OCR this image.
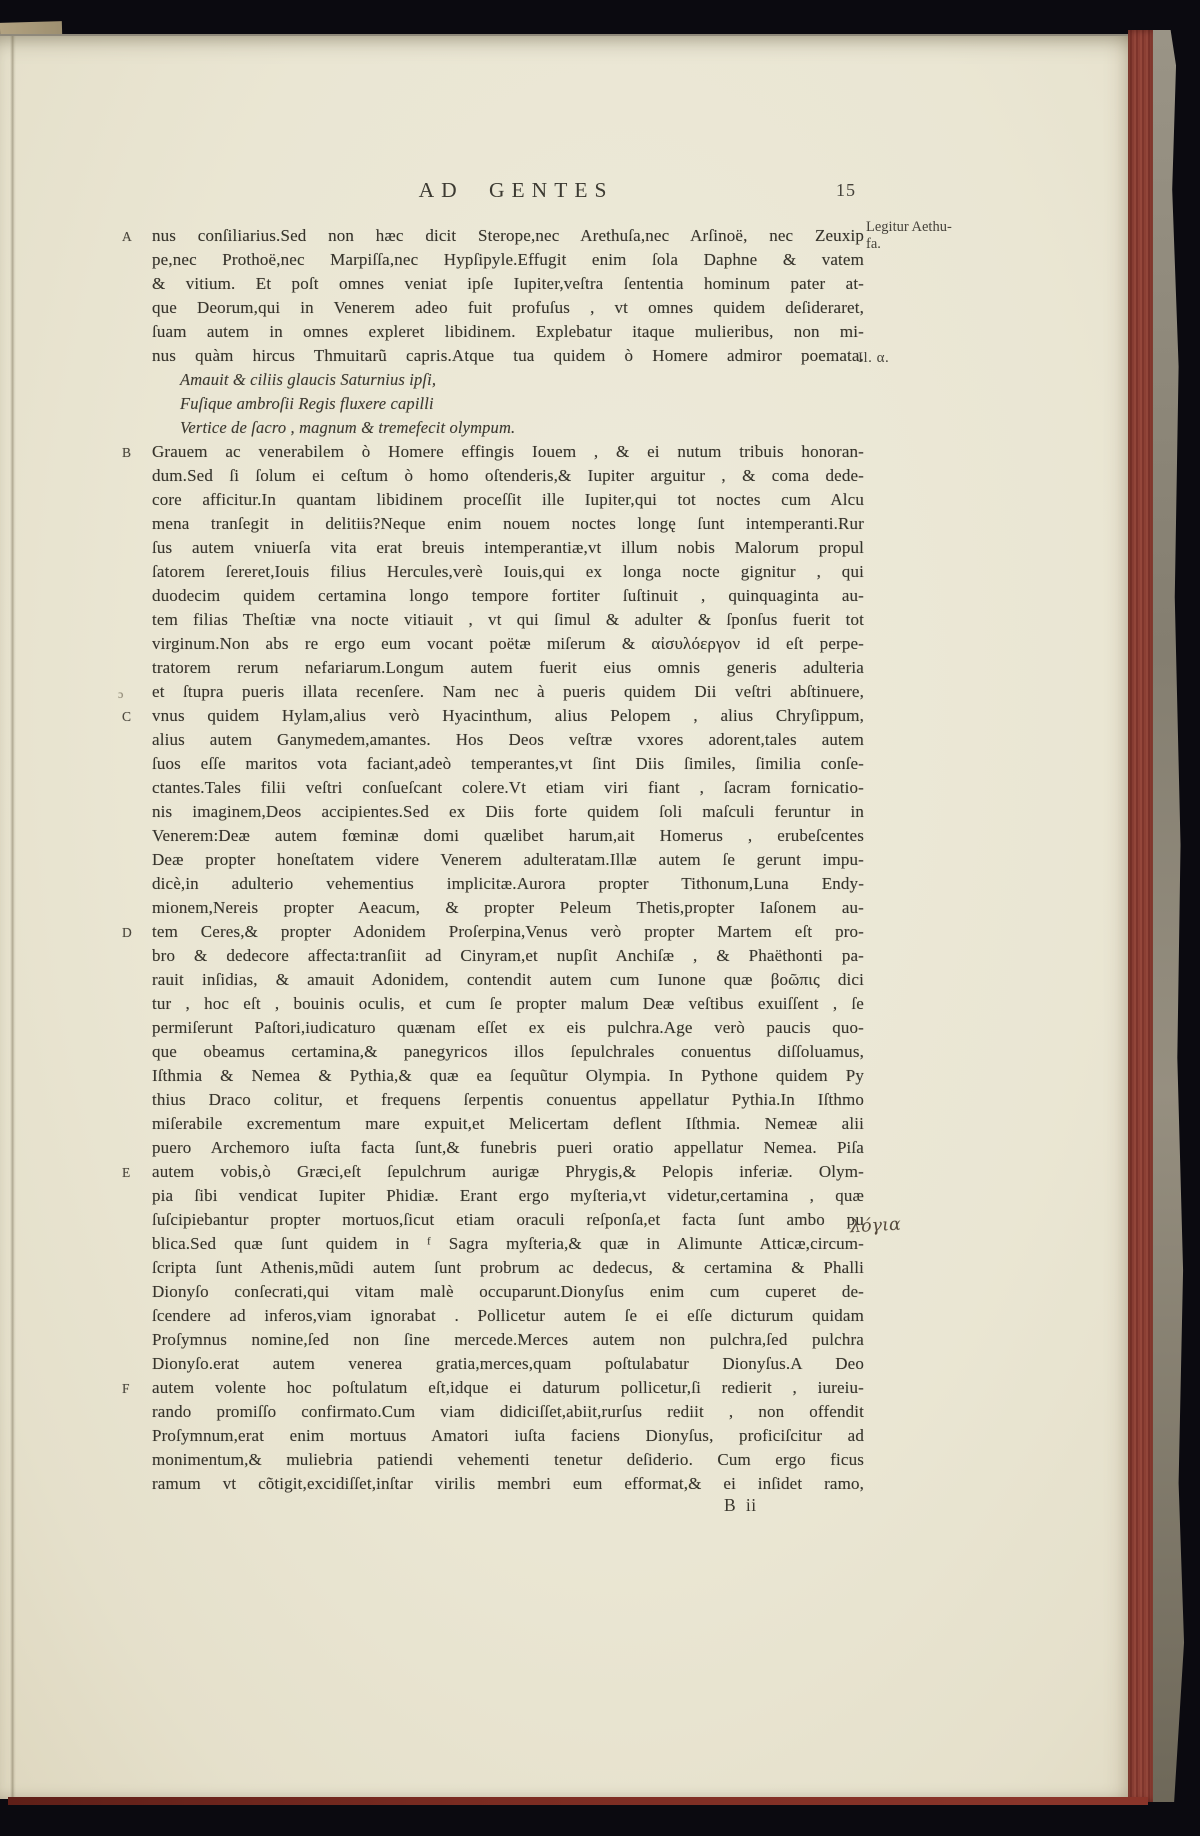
AD GENTES	15
A	nus conſiliarius.Sed non hæc dicit Sterope,nec Arethuſa,nec Arſinoë, nec Zeuxip
pe,nec Prothoë,nec Marpiſſa,nec Hypſipyle.Effugit enim ſola Daphne & vatem
& vitium. Et poſt omnes veniat ipſe Iupiter,veſtra ſententia hominum pater at-
que Deorum,qui in Venerem adeo fuit profuſus , vt omnes quidem deſideraret,
ſuam autem in omnes expleret libidinem. Explebatur itaque mulieribus, non mi-
nus quàm hircus Thmuitarũ capris.Atque tua quidem ò Homere admiror poemata.
Amauit & ciliis glaucis Saturnius ipſi,
Fuſique ambroſii Regis fluxere capilli
Vertice de ſacro , magnum & tremefecit olympum.
B	Grauem ac venerabilem ò Homere effingis Iouem , & ei nutum tribuis honoran-
dum.Sed ſi ſolum ei ceſtum ò homo oſtenderis,& Iupiter arguitur , & coma dede-
core afficitur.In quantam libidinem proceſſit ille Iupiter,qui tot noctes cum Alcu
mena tranſegit in delitiis?Neque enim nouem noctes longę ſunt intemperanti.Rur
ſus autem vniuerſa vita erat breuis intemperantiæ,vt illum nobis Malorum propul
ſatorem ſereret,Iouis filius Hercules,verè Iouis,qui ex longa nocte gignitur , qui
duodecim quidem certamina longo tempore fortiter ſuſtinuit , quinquaginta au-
tem filias Theſtiæ vna nocte vitiauit , vt qui ſimul & adulter & ſponſus fuerit tot
virginum.Non abs re ergo eum vocant poëtæ miſerum & αἰσυλόεργον id eſt perpe-
tratorem rerum nefariarum.Longum autem fuerit eius omnis generis adulteria
ɔ	et ſtupra pueris illata recenſere. Nam nec à pueris quidem Dii veſtri abſtinuere,
C	vnus quidem Hylam,alius verò Hyacinthum, alius Pelopem , alius Chryſippum,
alius autem Ganymedem,amantes. Hos Deos veſtræ vxores adorent,tales autem
ſuos eſſe maritos vota faciant,adeò temperantes,vt ſint Diis ſimiles, ſimilia conſe-
ctantes.Tales filii veſtri conſueſcant colere.Vt etiam viri fiant , ſacram fornicatio-
nis imaginem,Deos accipientes.Sed ex Diis forte quidem ſoli maſculi feruntur in
Venerem:Deæ autem fœminæ domi quælibet harum,ait Homerus , erubeſcentes
Deæ propter honeſtatem videre Venerem adulteratam.Illæ autem ſe gerunt impu-
dicè,in adulterio vehementius implicitæ.Aurora propter Tithonum,Luna Endy-
mionem,Nereis propter Aeacum, & propter Peleum Thetis,propter Iaſonem au-
D	tem Ceres,& propter Adonidem Proſerpina,Venus verò propter Martem eſt pro-
bro & dedecore affecta:tranſiit ad Cinyram,et nupſit Anchiſæ , & Phaëthonti pa-
rauit inſidias, & amauit Adonidem, contendit autem cum Iunone quæ βοῶπις dici
tur , hoc eſt , bouinis oculis, et cum ſe propter malum Deæ veſtibus exuiſſent , ſe
permiſerunt Paſtori,iudicaturo quænam eſſet ex eis pulchra.Age verò paucis quo-
que obeamus certamina,& panegyricos illos ſepulchrales conuentus diſſoluamus,
Iſthmia & Nemea & Pythia,& quæ ea ſequũtur Olympia. In Pythone quidem Py
thius Draco colitur, et frequens ſerpentis conuentus appellatur Pythia.In Iſthmo
miſerabile excrementum mare expuit,et Melicertam deflent Iſthmia. Nemeæ alii
puero Archemoro iuſta facta ſunt,& funebris pueri oratio appellatur Nemea. Piſa
E	autem vobis,ò Græci,eſt ſepulchrum aurigæ Phrygis,& Pelopis inferiæ. Olym-
pia ſibi vendicat Iupiter Phidiæ. Erant ergo myſteria,vt videtur,certamina , quæ
ſuſcipiebantur propter mortuos,ſicut etiam oraculi reſponſa,et facta ſunt ambo pu
blica.Sed quæ ſunt quidem in ᶠ Sagra myſteria,& quæ in Alimunte Atticæ,circum-
ſcripta ſunt Athenis,mũdi autem ſunt probrum ac dedecus, & certamina & Phalli
Dionyſo conſecrati,qui vitam malè occuparunt.Dionyſus enim cum cuperet de-
ſcendere ad inferos,viam ignorabat . Pollicetur autem ſe ei eſſe dicturum quidam
Proſymnus nomine,ſed non ſine mercede.Merces autem non pulchra,ſed pulchra
Dionyſo.erat autem venerea gratia,merces,quam poſtulabatur Dionyſus.A Deo
F	autem volente hoc poſtulatum eſt,idque ei daturum pollicetur,ſi redierit , iureiu-
rando promiſſo confirmato.Cum viam didiciſſet,abiit,rurſus rediit , non offendit
Proſymnum,erat enim mortuus Amatori iuſta faciens Dionyſus, proficiſcitur ad
monimentum,& muliebria patiendi vehementi tenetur deſiderio. Cum ergo ficus
ramum vt cõtigit,excidiſſet,inſtar virilis membri eum efformat,& ei inſidet ramo,
Legitur Aethu-
fa.
Il. α.
λόγια
B  ii
